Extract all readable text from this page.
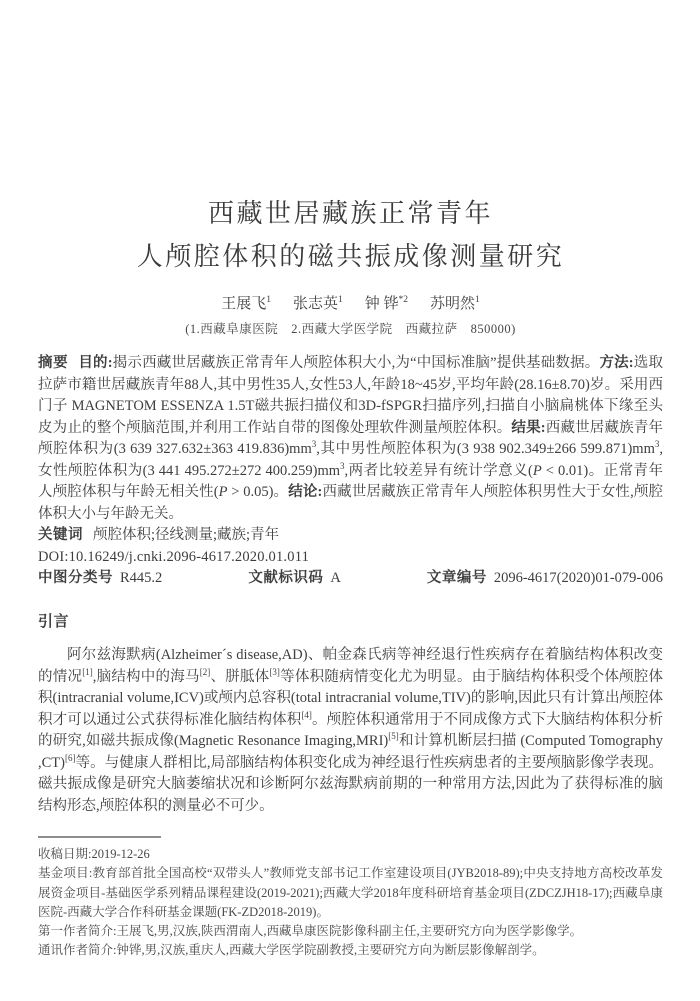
西藏世居藏族正常青年
人颅腔体积的磁共振成像测量研究
王展飞$^1$ 张志英$^1$ 钟 铧$^{*2}$ 苏明然$^1$
(1.西藏阜康医院　2.西藏大学医学院　西藏拉萨　850000)

摘要 目的:揭示西藏世居藏族正常青年人颅腔体积大小,为“中国标准脑”提供基础数据。方法:选取拉萨市籍世居藏族青年88人,其中男性35人,女性53人,年龄18~45岁,平均年龄(28.16±8.70)岁。采用西门子 MAGNETOM ESSENZA 1.5T磁共振扫描仪和3D-fSPGR扫描序列,扫描自小脑扁桃体下缘至头皮为止的整个颅脑范围,并利用工作站自带的图像处理软件测量颅腔体积。结果:西藏世居藏族青年颅腔体积为(3 639 327.632±363 419.836)mm$^3$,其中男性颅腔体积为(3 938 902.349±266 599.871)mm$^3$,女性颅腔体积为(3 441 495.272±272 400.259)mm$^3$,两者比较差异有统计学意义(P < 0.01)。正常青年人颅腔体积与年龄无相关性(P > 0.05)。结论:西藏世居藏族正常青年人颅腔体积男性大于女性,颅腔体积大小与年龄无关。

关键词 颅腔体积;径线测量;藏族;青年

DOI:10.16249/j.cnki.2096-4617.2020.01.011

中图分类号 R445.2	文献标识码 A	文章编号 2096-4617(2020)01-079-006
引言

阿尔兹海默病(Alzheimer´s disease,AD)、帕金森氏病等神经退行性疾病存在着脑结构体积改变的情况[1],脑结构中的海马[2]、胼胝体[3]等体积随病情变化尤为明显。由于脑结构体积受个体颅腔体积(intracranial volume,ICV)或颅内总容积(total intracranial volume,TIV)的影响,因此只有计算出颅腔体积才可以通过公式获得标准化脑结构体积[4]。颅腔体积通常用于不同成像方式下大脑结构体积分析的研究,如磁共振成像(Magnetic Resonance Imaging,MRI)[5]和计算机断层扫描 (Computed Tomography ,CT)[6]等。与健康人群相比,局部脑结构体积变化成为神经退行性疾病患者的主要颅脑影像学表现。磁共振成像是研究大脑萎缩状况和诊断阿尔兹海默病前期的一种常用方法,因此为了获得标准的脑结构形态,颅腔体积的测量必不可少。

收稿日期:2019-12-26

基金项目:教育部首批全国高校“双带头人”教师党支部书记工作室建设项目(JYB2018-89);中央支持地方高校改革发展资金项目-基础医学系列精品课程建设(2019-2021);西藏大学2018年度科研培育基金项目(ZDCZJH18-17);西藏阜康医院-西藏大学合作科研基金课题(FK-ZD2018-2019)。

第一作者简介:王展飞,男,汉族,陕西渭南人,西藏阜康医院影像科副主任,主要研究方向为医学影像学。

通讯作者简介:钟铧,男,汉族,重庆人,西藏大学医学院副教授,主要研究方向为断层影像解剖学。
